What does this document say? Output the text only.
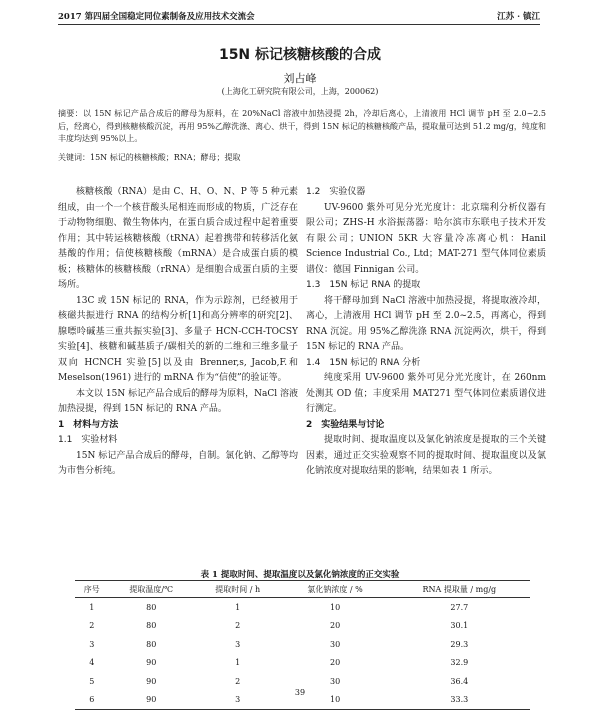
2017 第四届全国稳定同位素制备及应用技术交流会	江苏 · 镇江
15N 标记核糖核酸的合成
刘占峰
(上海化工研究院有限公司，上海，200062)
摘要：以 15N 标记产品合成后的酵母为原料，在 20%NaCl 溶液中加热浸提 2h，冷却后离心，上清液用 HCl 调节 pH 至 2.0~2.5 后，经离心，得到核糖核酸沉淀，再用 95%乙醇洗涤、离心、烘干，得到 15N 标记的核糖核酸产品，提取量可达到 51.2 mg/g，纯度和丰度均达到 95%以上。
关键词：15N 标记的核糖核酸；RNA；酵母；提取

核糖核酸（RNA）是由 C、H、O、N、P 等 5 种元素组成，由一个一个核苷酸头尾相连而形成的物质，广泛存在于动物物细胞、微生物体内，在蛋白质合成过程中起着重要作用；其中转运核糖核酸（tRNA）起着携带和转移活化氨基酸的作用；信使核糖核酸（mRNA）是合成蛋白质的模板；核糖体的核糖核酸（rRNA）是细胞合成蛋白质的主要场所。

13C 或 15N 标记的 RNA，作为示踪剂，已经被用于核磁共振进行 RNA 的结构分析[1]和高分辨率的研究[2]、腺嘌呤碱基三重共振实验[3]、多量子 HCN-CCH-TOCSY 实验[4]、核糖和碱基质子/碳相关的新的二维和三维多量子双向 HCNCH 实验[5]以及由 Brenner,s, Jacob,F.和 Meselson(1961) 进行的 mRNA 作为“信使”的验证等。

本文以 15N 标记产品合成后的酵母为原料，NaCl 溶液加热浸提，得到 15N 标记的 RNA 产品。

1　材料与方法

1.1　实验材料

15N 标记产品合成后的酵母，自制。氯化钠、乙醇等均为市售分析纯。

1.2　实验仪器

UV-9600 紫外可见分光光度计：北京瑞利分析仪器有限公司；ZHS-H 水浴振荡器：哈尔滨市东联电子技术开发有限公司；UNION 5KR 大容量冷冻离心机：Hanil Science Industrial Co., Ltd；MAT-271 型气体同位素质谱仪：德国 Finnigan 公司。

1.3　15N 标记 RNA 的提取

将干酵母加到 NaCl 溶液中加热浸提，将提取液冷却，离心，上清液用 HCl 调节 pH 至 2.0~2.5，再离心，得到 RNA 沉淀。用 95%乙醇洗涤 RNA 沉淀两次，烘干，得到 15N 标记的 RNA 产品。

1.4　15N 标记的 RNA 分析

纯度采用 UV-9600 紫外可见分光光度计，在 260nm 处测其 OD 值；丰度采用 MAT271 型气体同位素质谱仪进行测定。

2　实验结果与讨论

提取时间、提取温度以及氯化钠浓度是提取的三个关键因素，通过正交实验观察不同的提取时间、提取温度以及氯化钠浓度对提取结果的影响，结果如表 1 所示。

表 1 提取时间、提取温度以及氯化钠浓度的正交实验
序号	提取温度/℃	提取时间 / h	氯化钠浓度 / %	RNA 提取量 / mg/g
1	80	1	10	27.7
2	80	2	20	30.1
3	80	3	30	29.3
4	90	1	20	32.9
5	90	2	30	36.4
6	90	3	10	33.3
39
